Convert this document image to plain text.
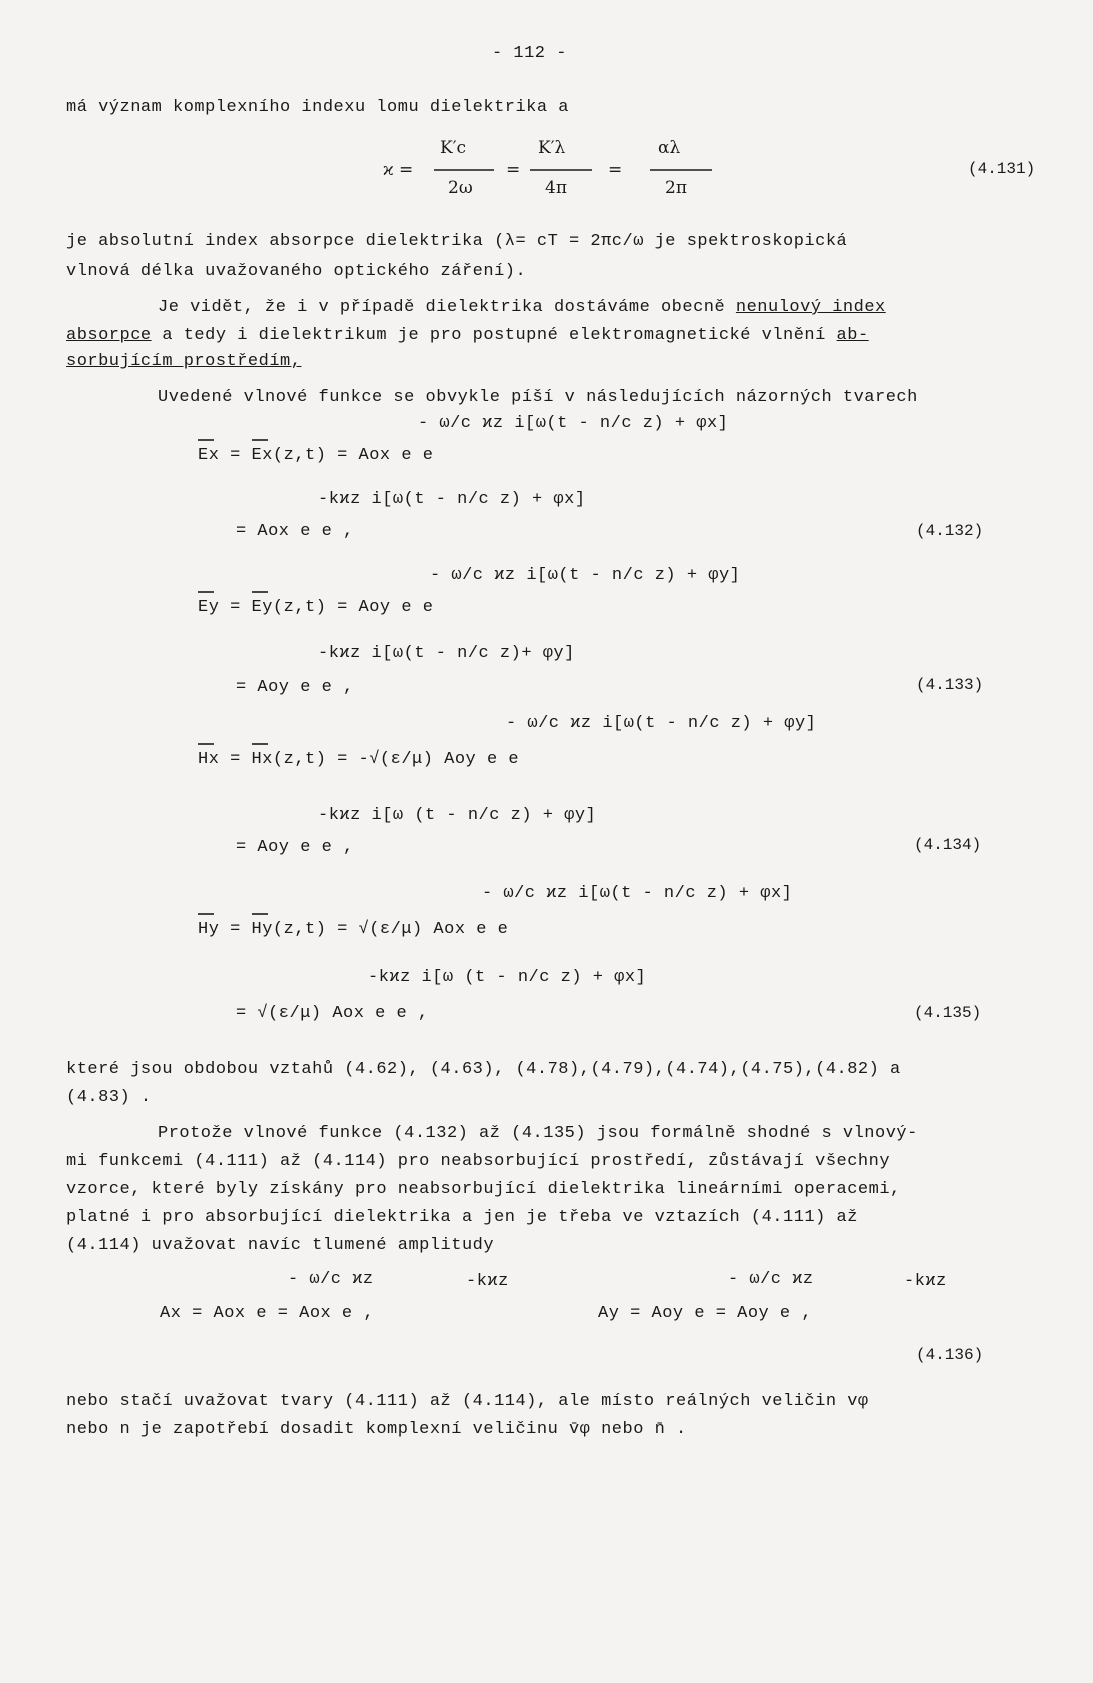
- 112 -
má význam komplexního indexu lomu dielektrika a
ϰ =
K′c
2ω
=
K′λ
4π
=
αλ
2π
(4.131)
je absolutní index absorpce dielektrika (λ= cT = 2πc/ω je spektroskopická
vlnová délka uvažovaného optického záření).
Je vidět, že i v případě dielektrika dostáváme obecně nenulový index
absorpce a tedy i dielektrikum je pro postupné elektromagnetické vlnění ab-
sorbujícím prostředím,
Uvedené vlnové funkce se obvykle píší v následujících názorných tvarech
- ω/c ϰz i[ω(t - n/c z) + φx]
Ex = Ex(z,t) = Aox e e
-kϰz i[ω(t - n/c z) + φx]
= Aox e e ,	(4.132)
- ω/c ϰz i[ω(t - n/c z) + φy]
Ey = Ey(z,t) = Aoy e e
-kϰz i[ω(t - n/c z)+ φy]
= Aoy e e ,	(4.133)
- ω/c ϰz i[ω(t - n/c z) + φy]
Hx = Hx(z,t) = -√(ε/μ) Aoy e e
-kϰz i[ω (t - n/c z) + φy]
= Aoy e e ,	(4.134)
- ω/c ϰz i[ω(t - n/c z) + φx]
Hy = Hy(z,t) = √(ε/μ) Aox e e
-kϰz i[ω (t - n/c z) + φx]
= √(ε/μ) Aox e e ,	(4.135)
které jsou obdobou vztahů (4.62), (4.63), (4.78),(4.79),(4.74),(4.75),(4.82) a
(4.83) .
Protože vlnové funkce (4.132) až (4.135) jsou formálně shodné s vlnový-
mi funkcemi (4.111) až (4.114) pro neabsorbující prostředí, zůstávají všechny
vzorce, které byly získány pro neabsorbující dielektrika lineárními operacemi,
platné i pro absorbující dielektrika a jen je třeba ve vztazích (4.111) až
(4.114) uvažovat navíc tlumené amplitudy
- ω/c ϰz	-kϰz
Ax = Aox e = Aox e ,
- ω/c ϰz	-kϰz
Ay = Aoy e = Aoy e ,
(4.136)
nebo stačí uvažovat tvary (4.111) až (4.114), ale místo reálných veličin vφ
nebo n je zapotřebí dosadit komplexní veličinu v̄φ nebo n̄ .
